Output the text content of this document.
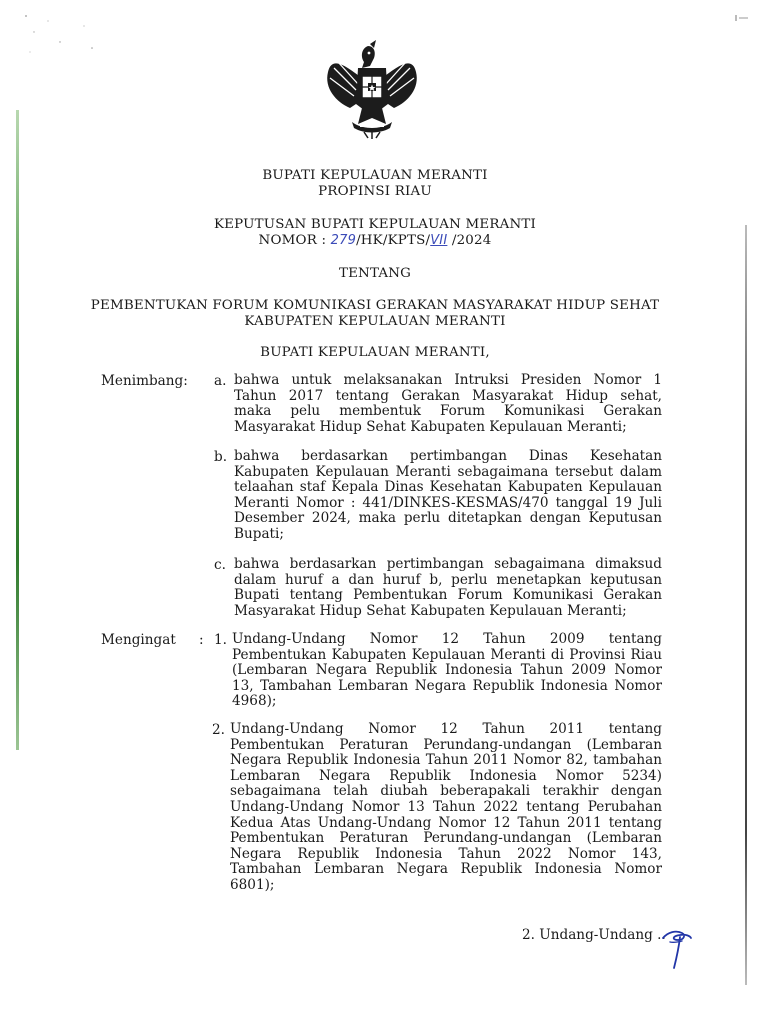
BUPATI KEPULAUAN MERANTI
PROPINSI RIAU
KEPUTUSAN BUPATI KEPULAUAN MERANTI
NOMOR : 279/HK/KPTS/VII /2024
TENTANG
PEMBENTUKAN FORUM KOMUNIKASI GERAKAN MASYARAKAT HIDUP SEHAT
KABUPATEN KEPULAUAN MERANTI
BUPATI KEPULAUAN MERANTI,
Menimbang: a. bahwa untuk melaksanakan Intruksi Presiden Nomor 1
Tahun 2017 tentang Gerakan Masyarakat Hidup sehat,
maka pelu membentuk Forum Komunikasi Gerakan
Masyarakat Hidup Sehat Kabupaten Kepulauan Meranti;
b. bahwa berdasarkan pertimbangan Dinas Kesehatan
Kabupaten Kepulauan Meranti sebagaimana tersebut dalam
telaahan staf Kepala Dinas Kesehatan Kabupaten Kepulauan
Meranti Nomor : 441/DINKES-KESMAS/470 tanggal 19 Juli
Desember 2024, maka perlu ditetapkan dengan Keputusan
Bupati;
c. bahwa berdasarkan pertimbangan sebagaimana dimaksud
dalam huruf a dan huruf b, perlu menetapkan keputusan
Bupati tentang Pembentukan Forum Komunikasi Gerakan
Masyarakat Hidup Sehat Kabupaten Kepulauan Meranti;
Mengingat : 1. Undang-Undang Nomor 12 Tahun 2009 tentang
Pembentukan Kabupaten Kepulauan Meranti di Provinsi Riau
(Lembaran Negara Republik Indonesia Tahun 2009 Nomor
13, Tambahan Lembaran Negara Republik Indonesia Nomor
4968);
2. Undang-Undang Nomor 12 Tahun 2011 tentang
Pembentukan Peraturan Perundang-undangan (Lembaran
Negara Republik Indonesia Tahun 2011 Nomor 82, tambahan
Lembaran Negara Republik Indonesia Nomor 5234)
sebagaimana telah diubah beberapakali terakhir dengan
Undang-Undang Nomor 13 Tahun 2022 tentang Perubahan
Kedua Atas Undang-Undang Nomor 12 Tahun 2011 tentang
Pembentukan Peraturan Perundang-undangan (Lembaran
Negara Republik Indonesia Tahun 2022 Nomor 143,
Tambahan Lembaran Negara Republik Indonesia Nomor
6801);
2. Undang-Undang ..
